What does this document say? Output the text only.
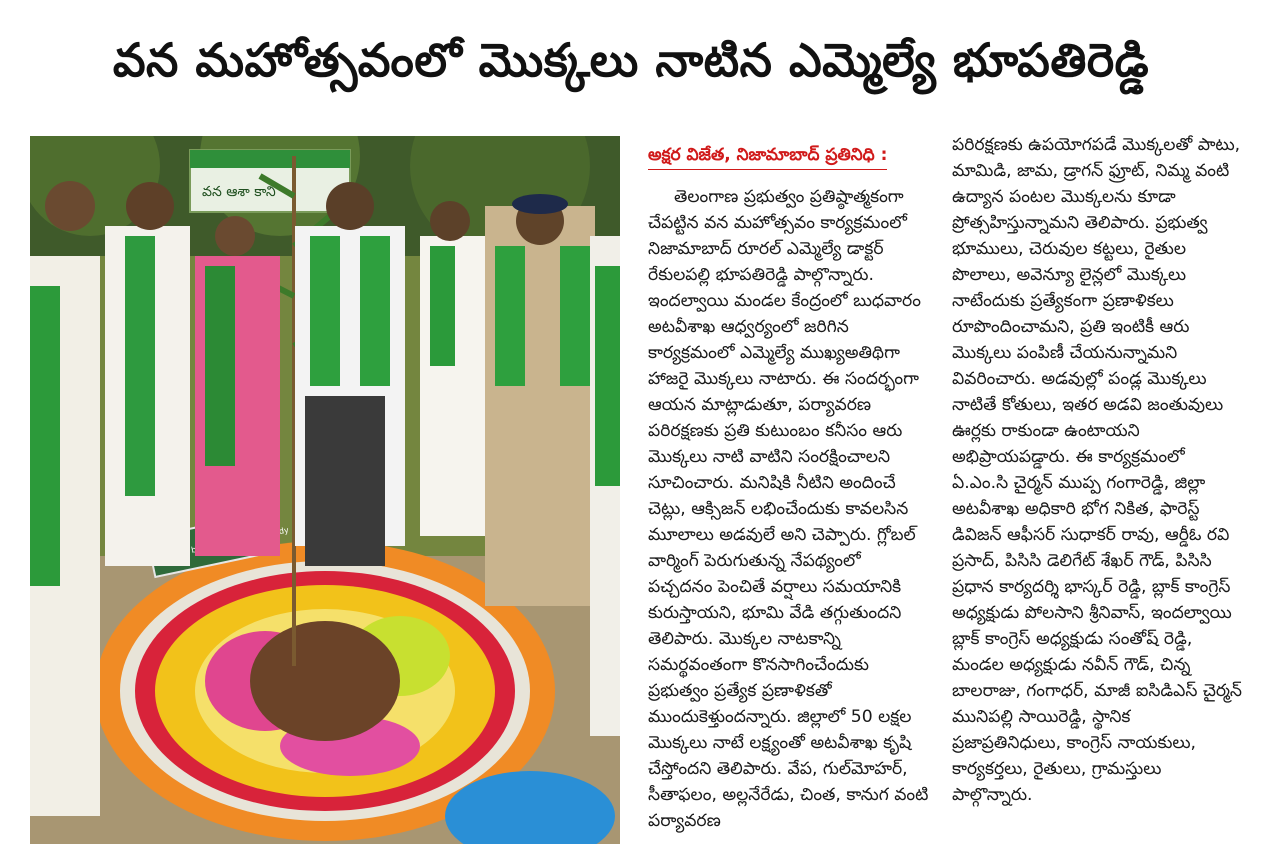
వన మహోత్సవంలో మొక్కలు నాటిన ఎమ్మెల్యే భూపతిరెడ్డి
వన ఆశా కాని
అక్షర విజేత, నిజామాబాద్ ప్రతినిధి :
తెలంగాణ ప్రభుత్వం ప్రతిష్ఠాత్మకంగా చేపట్టిన వన మహోత్సవం కార్యక్రమంలో నిజామాబాద్ రూరల్ ఎమ్మెల్యే డాక్టర్ రేకులపల్లి భూపతిరెడ్డి పాల్గొన్నారు. ఇందల్వాయి మండల కేంద్రంలో బుధవారం అటవీశాఖ ఆధ్వర్యంలో జరిగిన కార్యక్రమంలో ఎమ్మెల్యే ముఖ్యఅతిథిగా హాజరై మొక్కలు నాటారు. ఈ సందర్భంగా ఆయన మాట్లాడుతూ, పర్యావరణ పరిరక్షణకు ప్రతి కుటుంబం కనీసం ఆరు మొక్కలు నాటి వాటిని సంరక్షించాలని సూచించారు. మనిషికి నీటిని అందించే చెట్లు, ఆక్సిజన్ లభించేందుకు కావలసిన మూలాలు అడవులే అని చెప్పారు. గ్లోబల్ వార్మింగ్ పెరుగుతున్న నేపథ్యంలో పచ్చదనం పెంచితే వర్షాలు సమయానికి కురుస్తాయని, భూమి వేడి తగ్గుతుందని తెలిపారు. మొక్కల నాటకాన్ని సమర్థవంతంగా కొనసాగించేందుకు ప్రభుత్వం ప్రత్యేక ప్రణాళికతో ముందుకెళ్తుందన్నారు. జిల్లాలో 50 లక్షల మొక్కలు నాటే లక్ష్యంతో అటవీశాఖ కృషి చేస్తోందని తెలిపారు. వేప, గుల్‌మోహర్, సీతాఫలం, అల్లనేరేడు, చింత, కానుగ వంటి పర్యావరణ
పరిరక్షణకు ఉపయోగపడే మొక్కలతో పాటు, మామిడి, జామ, డ్రాగన్ ఫ్రూట్, నిమ్మ వంటి ఉద్యాన పంటల మొక్కలను కూడా ప్రోత్సహిస్తున్నామని తెలిపారు. ప్రభుత్వ భూములు, చెరువుల కట్టలు, రైతుల పొలాలు, అవెన్యూ లైన్లలో మొక్కలు నాటేందుకు ప్రత్యేకంగా ప్రణాళికలు రూపొందించామని, ప్రతి ఇంటికీ ఆరు మొక్కలు పంపిణీ చేయనున్నామని వివరించారు. అడవుల్లో పండ్ల మొక్కలు నాటితే కోతులు, ఇతర అడవి జంతువులు ఊర్లకు రాకుండా ఉంటాయని అభిప్రాయపడ్డారు. ఈ కార్యక్రమంలో ఏ.ఎం.సి చైర్మన్ ముప్ప గంగారెడ్డి, జిల్లా అటవీశాఖ అధికారి భోగ నికిత, ఫారెస్ట్ డివిజన్ ఆఫీసర్ సుధాకర్ రావు, ఆర్డీఓ రవి ప్రసాద్, పిసిసి డెలిగేట్ శేఖర్ గౌడ్, పిసిసి ప్రధాన కార్యదర్శి భాస్కర్ రెడ్డి, బ్లాక్ కాంగ్రెస్ అధ్యక్షుడు పోలసాని శ్రీనివాస్, ఇందల్వాయి బ్లాక్ కాంగ్రెస్ అధ్యక్షుడు సంతోష్ రెడ్డి, మండల అధ్యక్షుడు నవీన్ గౌడ్, చిన్న బాలరాజు, గంగాధర్, మాజీ ఐసిడిఎస్ చైర్మన్ మునిపల్లి సాయిరెడ్డి, స్థానిక ప్రజాప్రతినిధులు, కాంగ్రెస్ నాయకులు, కార్యకర్తలు, రైతులు, గ్రామస్తులు పాల్గొన్నారు.
